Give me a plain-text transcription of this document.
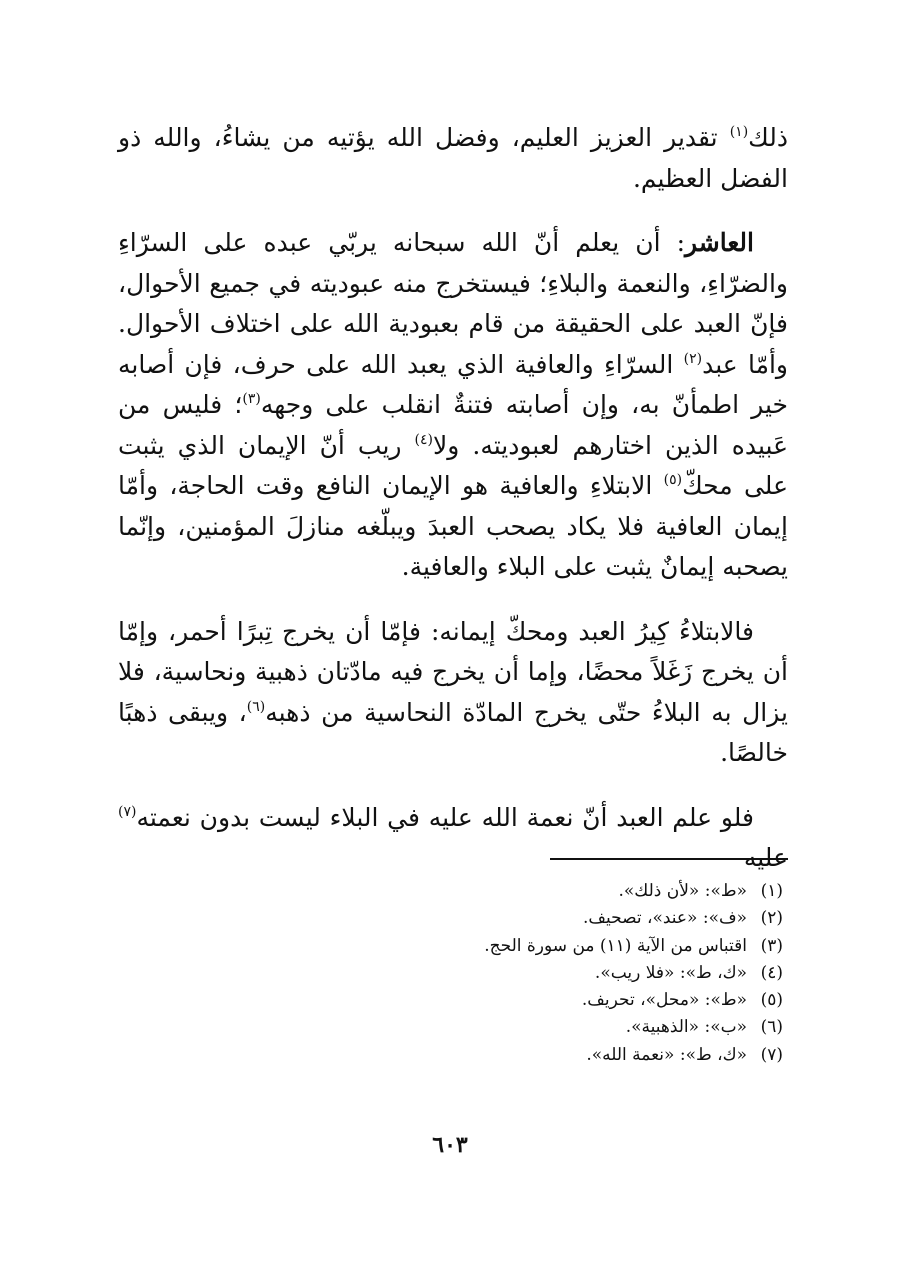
ذلك$^{(١)}$ تقدير العزيز العليم، وفضل الله يؤتيه من يشاءُ، والله ذو الفضل العظيم.

العاشر: أن يعلم أنّ الله سبحانه يربّي عبده على السرّاءِ والضرّاءِ، والنعمة والبلاءِ؛ فيستخرج منه عبوديته في جميع الأحوال، فإنّ العبد على الحقيقة من قام بعبودية الله على اختلاف الأحوال. وأمّا عبد$^{(٢)}$ السرّاءِ والعافية الذي يعبد الله على حرف، فإن أصابه خير اطمأنّ به، وإن أصابته فتنةٌ انقلب على وجهه$^{(٣)}$؛ فليس من عَبيده الذين اختارهم لعبوديته. ولا$^{(٤)}$ ريب أنّ الإيمان الذي يثبت على محكّ$^{(٥)}$ الابتلاءِ والعافية هو الإيمان النافع وقت الحاجة، وأمّا إيمان العافية فلا يكاد يصحب العبدَ ويبلّغه منازلَ المؤمنين، وإنّما يصحبه إيمانٌ يثبت على البلاء والعافية.

فالابتلاءُ كِيرُ العبد ومحكّ إيمانه: فإمّا أن يخرج تِبرًا أحمر، وإمّا أن يخرج زَغَلاً محضًا، وإما أن يخرج فيه مادّتان ذهبية ونحاسية، فلا يزال به البلاءُ حتّى يخرج المادّة النحاسية من ذهبه$^{(٦)}$، ويبقى ذهبًا خالصًا.

فلو علم العبد أنّ نعمة الله عليه في البلاء ليست بدون نعمته$^{(٧)}$ عليه

(١)«ط»: «لأن ذلك».
(٢)«ف»: «عند»، تصحيف.
(٣)اقتباس من الآية (١١) من سورة الحج.
(٤)«ك، ط»: «فلا ريب».
(٥)«ط»: «محل»، تحريف.
(٦)«ب»: «الذهبية».
(٧)«ك، ط»: «نعمة الله».
٦٠٣
